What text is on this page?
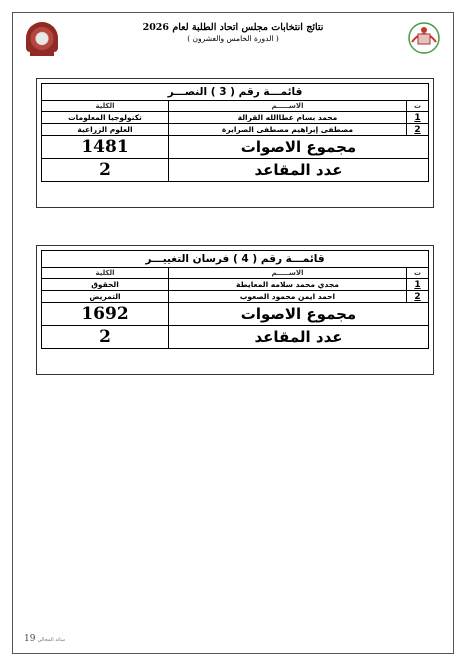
نتائج انتخابات مجلس اتحاد الطلبة لعام 2026
( الدورة الخامس والعشرون )
قائمـــة رقم ( 3 ) النصـــر		
ت	الاســـــم	الكلية
1	محمد بسام عطاالله القرالة	تكنولوجيا المعلومات
2	مصطفى إبراهيم مصطفى الصرايرة	العلوم الزراعية
مجموع الاصوات		1481
عدد المقاعد		2
قائمـــة رقم ( 4 ) فرسان التغييـــر		
ت	الاســـــم	الكلية
1	مجدي محمد سلامه المعايطة	الحقوق
2	احمد ايمن محمود الصعوب	التمريض
مجموع الاصوات		1692
عدد المقاعد		2
19 سائد المجالي
